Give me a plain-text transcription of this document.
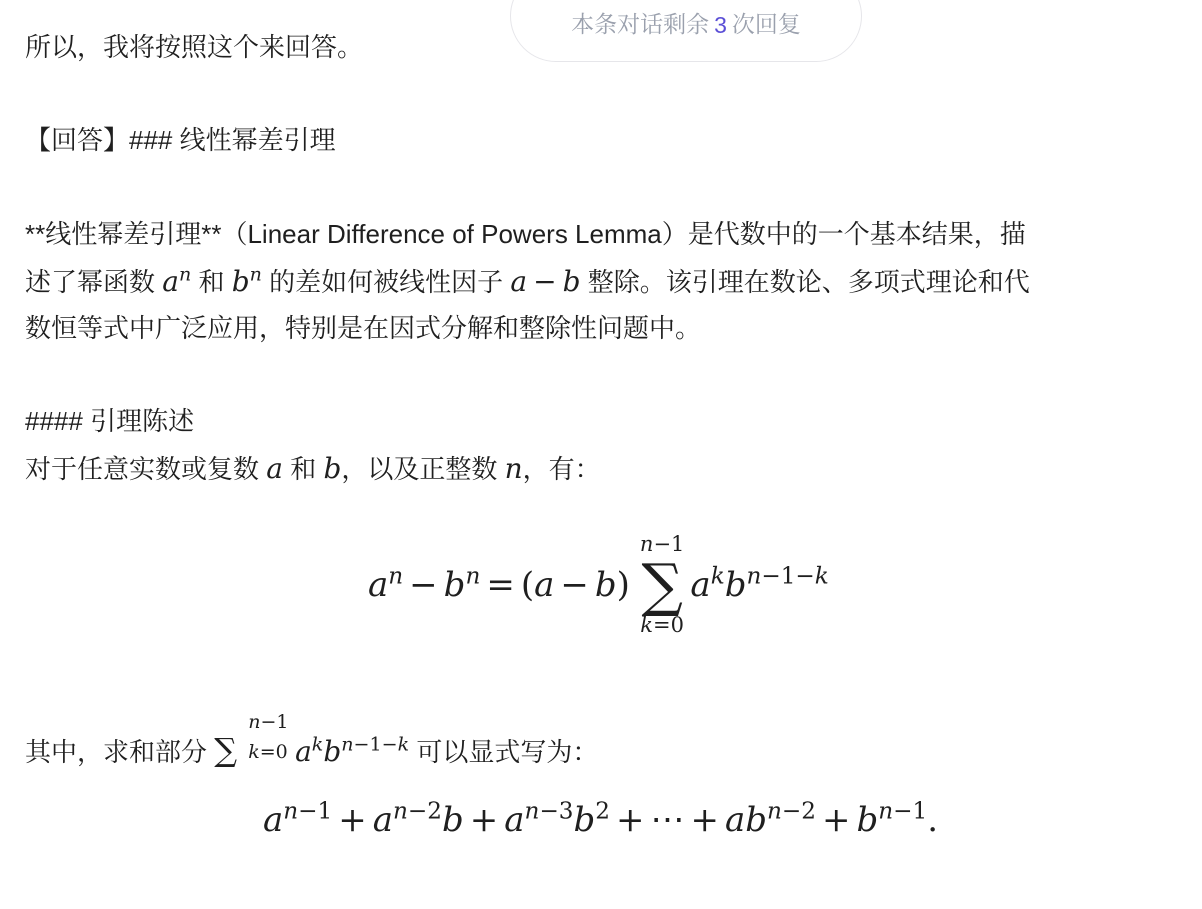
所以，我将按照这个来回答。
【回答】### 线性幂差引理
**线性幂差引理**（Linear Difference of Powers Lemma）是代数中的一个基本结果，描
述了幂函数 $a^n$ 和 $b^n$ 的差如何被线性因子 a − b 整除。该引理在数论、多项式理论和代
数恒等式中广泛应用，特别是在因式分解和整除性问题中。
#### 引理陈述
对于任意实数或复数 a 和 b，以及正整数 n，有：
其中，求和部分 ∑
n−1
k=0 $a^kb^{n-1-k}$ 可以显式写为：
$a^n - b^n$ = ( a − b )
n−1
∑
k=0
$a^kb^{n-1-k}$
$a^{n-1} + a^{n-2}b + a^{n-3}b^2$ + ⋯ + $ab^{n-2} + b^{n-1}$.
本条对话剩余 3 次回复
